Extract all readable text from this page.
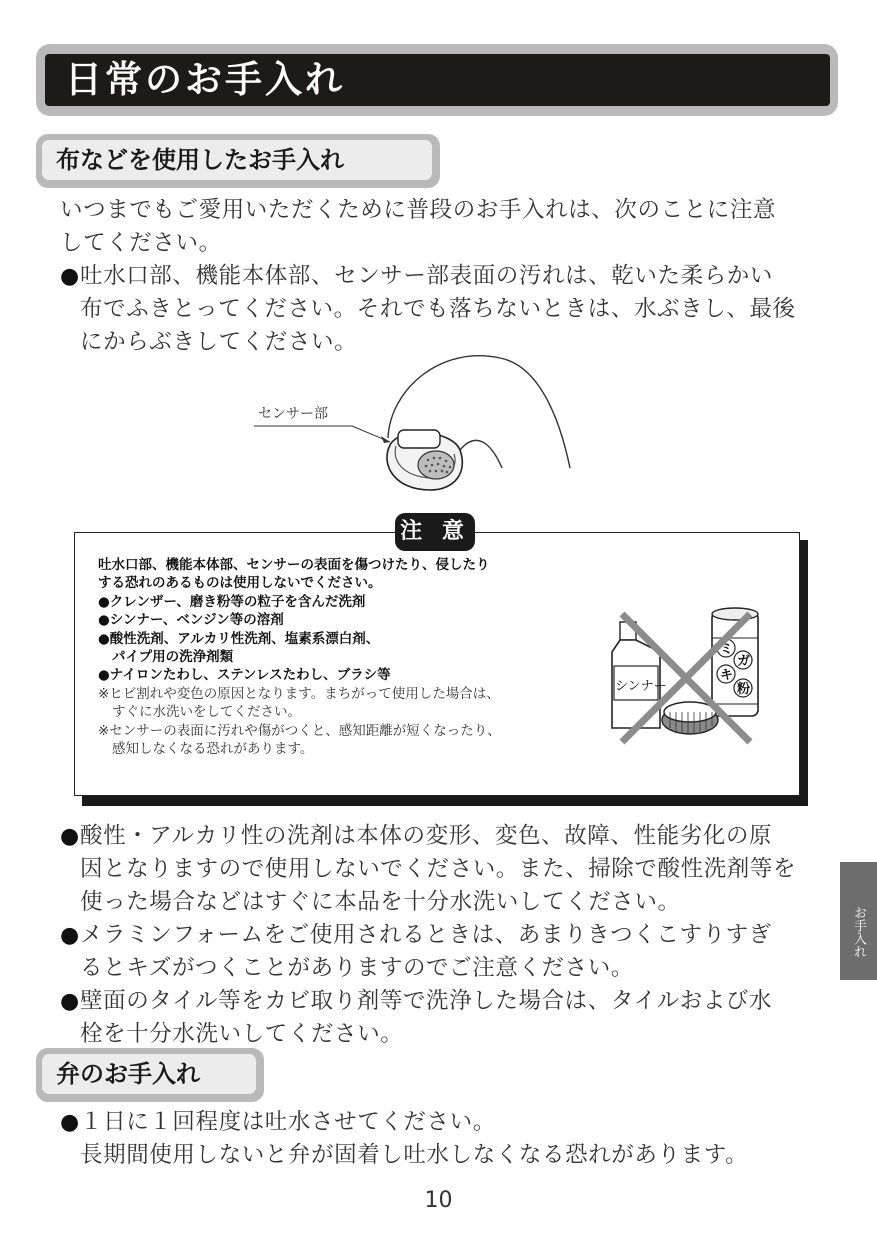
日常のお手入れ
布などを使用したお手入れ
いつまでもご愛用いただくために普段のお手入れは、次のことに注意
してください。
● 吐水口部、機能本体部、センサー部表面の汚れは、乾いた柔らかい
布でふきとってください。それでも落ちないときは、水ぶきし、最後
にからぶきしてください。
センサー部
注 意
吐水口部、機能本体部、センサーの表面を傷つけたり、侵したり
する恐れのあるものは使用しないでください。
●クレンザー、磨き粉等の粒子を含んだ洗剤
●シンナー、ベンジン等の溶剤
●酸性洗剤、アルカリ性洗剤、塩素系漂白剤、
パイプ用の洗浄剤類
●ナイロンたわし、ステンレスたわし、ブラシ等
※ヒビ割れや変色の原因となります。まちがって使用した場合は、
すぐに水洗いをしてください。
※センサーの表面に汚れや傷がつくと、感知距離が短くなったり、
感知しなくなる恐れがあります。
シンナー
ミ
ガ
キ
粉
● 酸性・アルカリ性の洗剤は本体の変形、変色、故障、性能劣化の原
因となりますので使用しないでください。また、掃除で酸性洗剤等を
使った場合などはすぐに本品を十分水洗いしてください。
● メラミンフォームをご使用されるときは、あまりきつくこすりすぎ
るとキズがつくことがありますのでご注意ください。
● 壁面のタイル等をカビ取り剤等で洗浄した場合は、タイルおよび水
栓を十分水洗いしてください。
お手入れ
弁のお手入れ
● １日に１回程度は吐水させてください。
長期間使用しないと弁が固着し吐水しなくなる恐れがあります。
10
